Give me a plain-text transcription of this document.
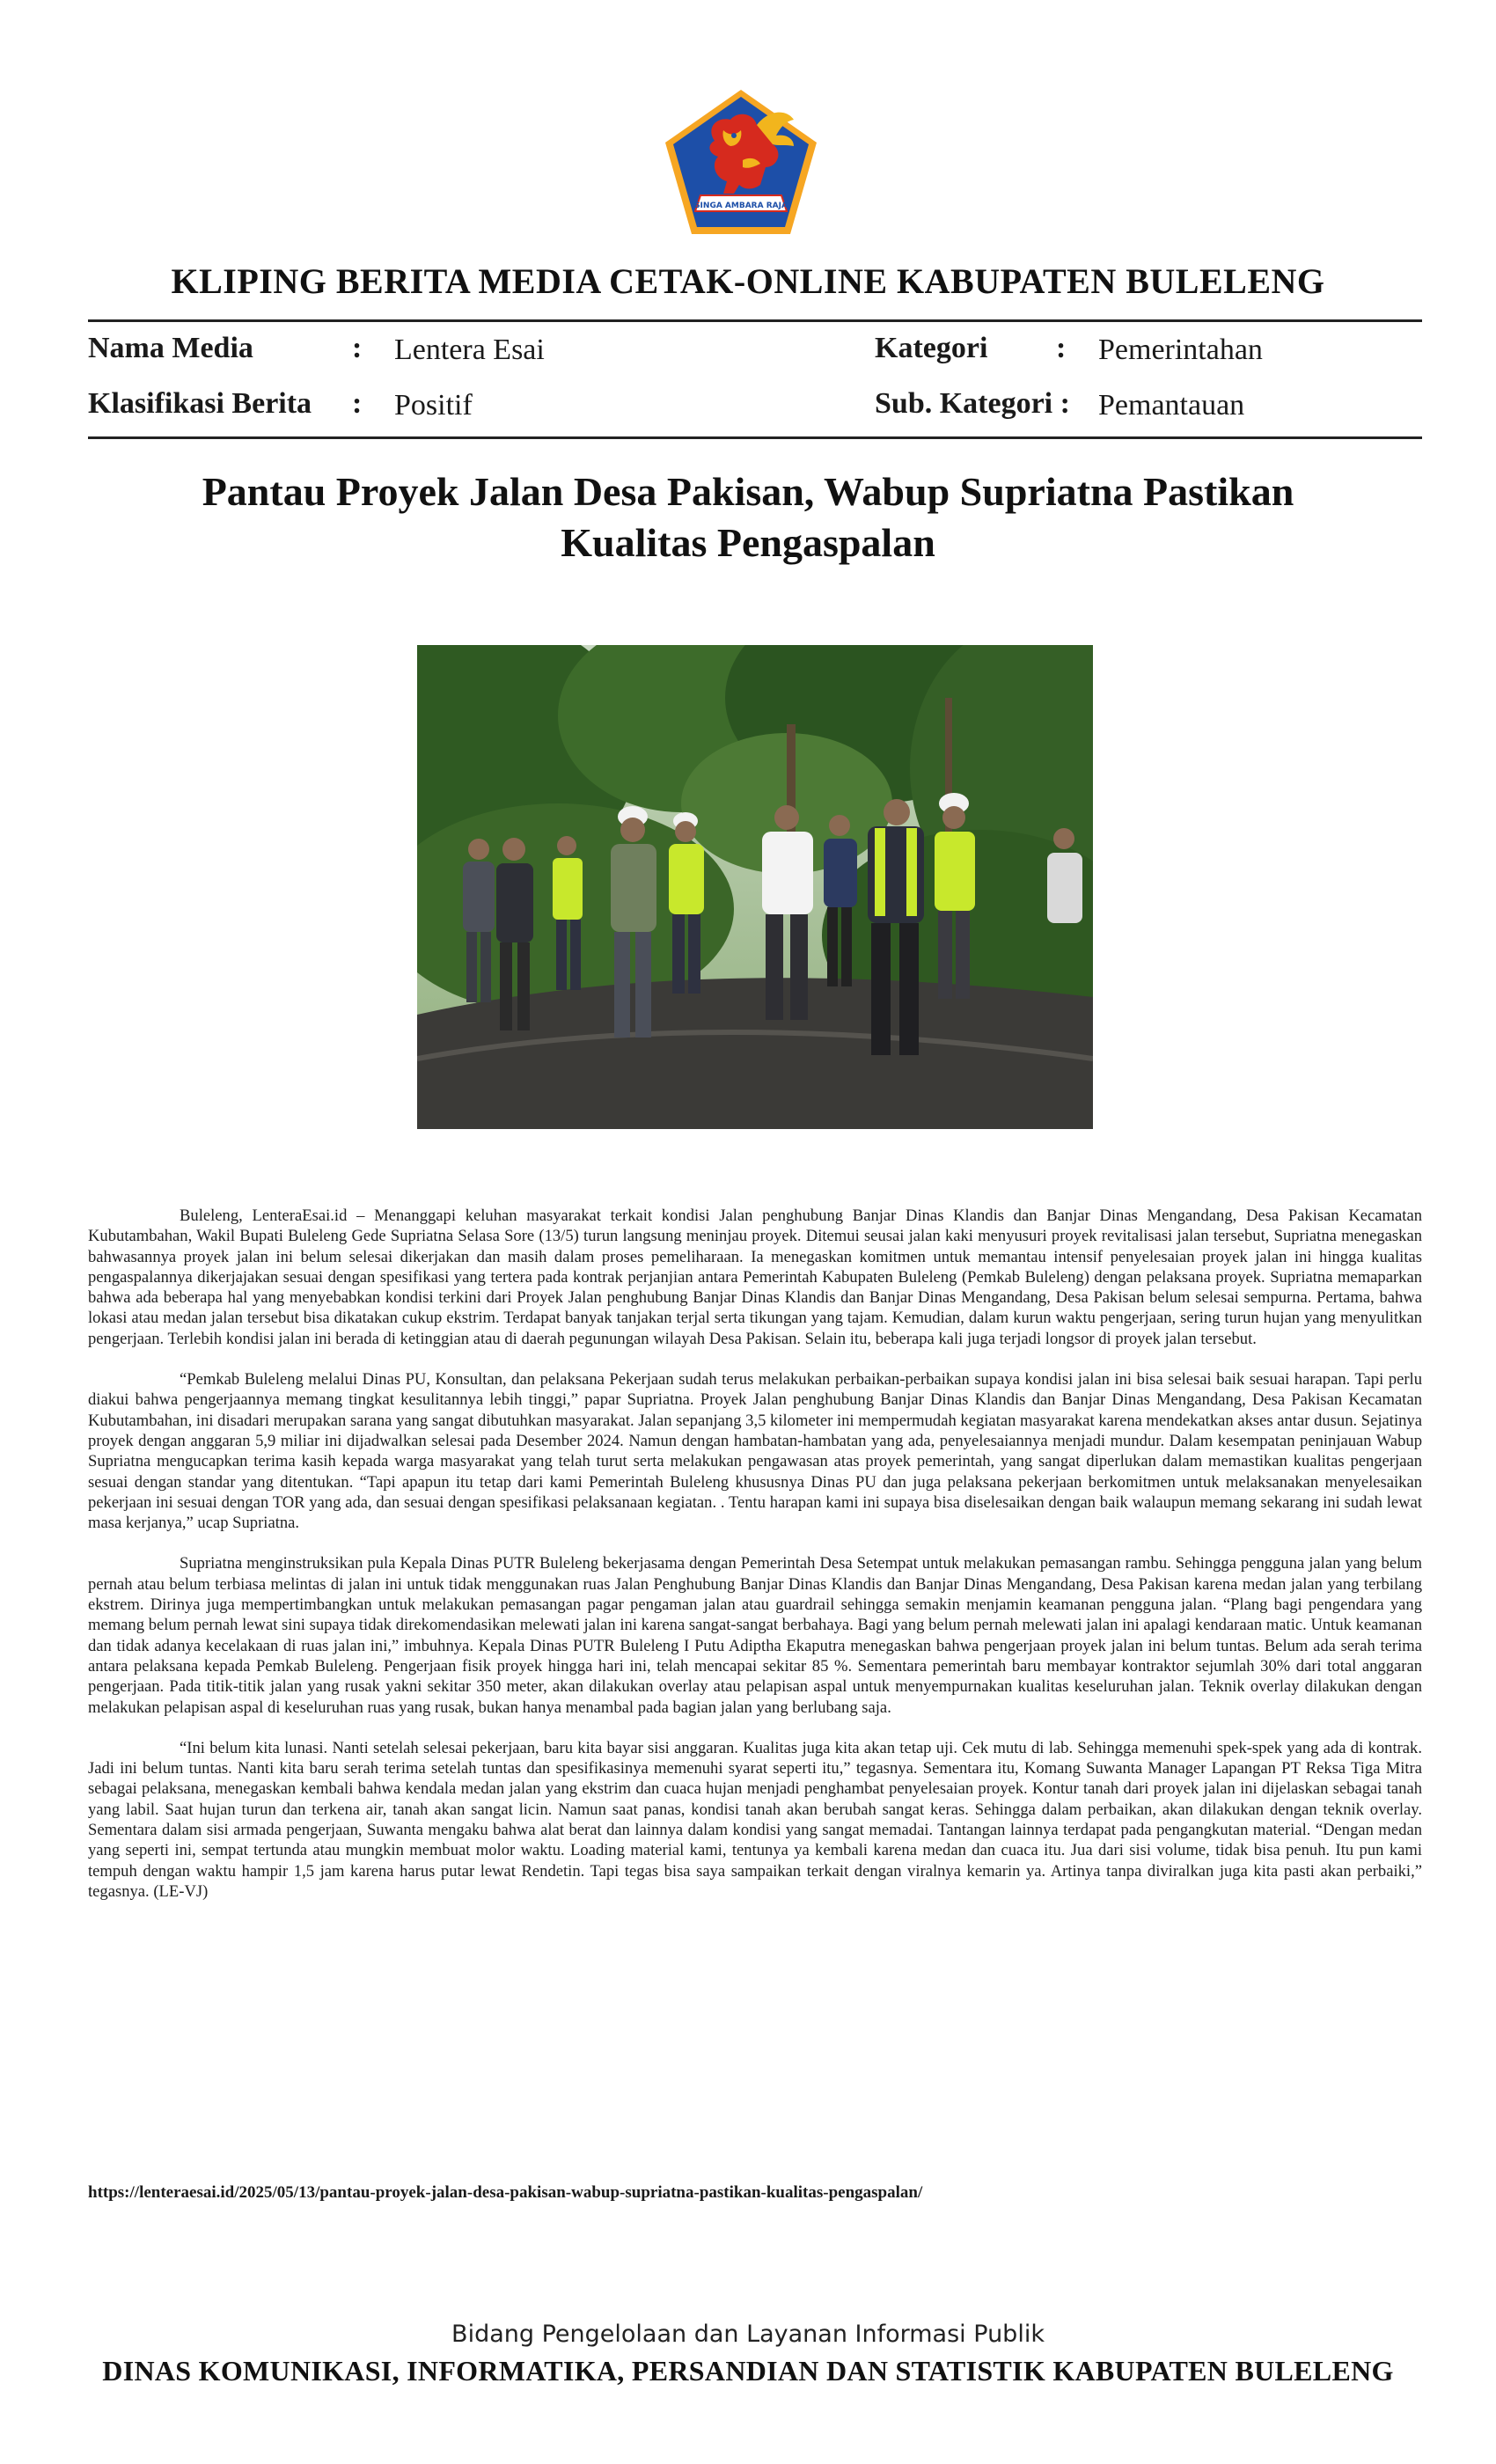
SINGA AMBARA RAJA
KLIPING BERITA MEDIA CETAK-ONLINE KABUPATEN BULELENG
Nama Media	: Lentera Esai
Klasifikasi Berita : Positif
Kategori : Pemerintahan
Sub. Kategori : Pemantauan
Pantau Proyek Jalan Desa Pakisan, Wabup Supriatna Pastikan Kualitas Pengaspalan

Buleleng, LenteraEsai.id – Menanggapi keluhan masyarakat terkait kondisi Jalan penghubung Banjar Dinas Klandis dan Banjar Dinas Mengandang, Desa Pakisan Kecamatan Kubutambahan, Wakil Bupati Buleleng Gede Supriatna Selasa Sore (13/5) turun langsung meninjau proyek. Ditemui seusai jalan kaki menyusuri proyek revitalisasi jalan tersebut, Supriatna menegaskan bahwasannya proyek jalan ini belum selesai dikerjakan dan masih dalam proses pemeliharaan. Ia menegaskan komitmen untuk memantau intensif penyelesaian proyek jalan ini hingga kualitas pengaspalannya dikerjajakan sesuai dengan spesifikasi yang tertera pada kontrak perjanjian antara Pemerintah Kabupaten Buleleng (Pemkab Buleleng) dengan pelaksana proyek. Supriatna memaparkan bahwa ada beberapa hal yang menyebabkan kondisi terkini dari Proyek Jalan penghubung Banjar Dinas Klandis dan Banjar Dinas Mengandang, Desa Pakisan belum selesai sempurna. Pertama, bahwa lokasi atau medan jalan tersebut bisa dikatakan cukup ekstrim. Terdapat banyak tanjakan terjal serta tikungan yang tajam. Kemudian, dalam kurun waktu pengerjaan, sering turun hujan yang menyulitkan pengerjaan. Terlebih kondisi jalan ini berada di ketinggian atau di daerah pegunungan wilayah Desa Pakisan. Selain itu, beberapa kali juga terjadi longsor di proyek jalan tersebut.

“Pemkab Buleleng melalui Dinas PU, Konsultan, dan pelaksana Pekerjaan sudah terus melakukan perbaikan-perbaikan supaya kondisi jalan ini bisa selesai baik sesuai harapan. Tapi perlu diakui bahwa pengerjaannya memang tingkat kesulitannya lebih tinggi,” papar Supriatna. Proyek Jalan penghubung Banjar Dinas Klandis dan Banjar Dinas Mengandang, Desa Pakisan Kecamatan Kubutambahan, ini disadari merupakan sarana yang sangat dibutuhkan masyarakat. Jalan sepanjang 3,5 kilometer ini mempermudah kegiatan masyarakat karena mendekatkan akses antar dusun. Sejatinya proyek dengan anggaran 5,9 miliar ini dijadwalkan selesai pada Desember 2024. Namun dengan hambatan-hambatan yang ada, penyelesaiannya menjadi mundur. Dalam kesempatan peninjauan Wabup Supriatna mengucapkan terima kasih kepada warga masyarakat yang telah turut serta melakukan pengawasan atas proyek pemerintah, yang sangat diperlukan dalam memastikan kualitas pengerjaan sesuai dengan standar yang ditentukan. “Tapi apapun itu tetap dari kami Pemerintah Buleleng khususnya Dinas PU dan juga pelaksana pekerjaan berkomitmen untuk melaksanakan menyelesaikan pekerjaan ini sesuai dengan TOR yang ada, dan sesuai dengan spesifikasi pelaksanaan kegiatan. . Tentu harapan kami ini supaya bisa diselesaikan dengan baik walaupun memang sekarang ini sudah lewat masa kerjanya,” ucap Supriatna.

Supriatna menginstruksikan pula Kepala Dinas PUTR Buleleng bekerjasama dengan Pemerintah Desa Setempat untuk melakukan pemasangan rambu. Sehingga pengguna jalan yang belum pernah atau belum terbiasa melintas di jalan ini untuk tidak menggunakan ruas Jalan Penghubung Banjar Dinas Klandis dan Banjar Dinas Mengandang, Desa Pakisan karena medan jalan yang terbilang ekstrem. Dirinya juga mempertimbangkan untuk melakukan pemasangan pagar pengaman jalan atau guardrail sehingga semakin menjamin keamanan pengguna jalan. “Plang bagi pengendara yang memang belum pernah lewat sini supaya tidak direkomendasikan melewati jalan ini karena sangat-sangat berbahaya. Bagi yang belum pernah melewati jalan ini apalagi kendaraan matic. Untuk keamanan dan tidak adanya kecelakaan di ruas jalan ini,” imbuhnya. Kepala Dinas PUTR Buleleng I Putu Adiptha Ekaputra menegaskan bahwa pengerjaan proyek jalan ini belum tuntas. Belum ada serah terima antara pelaksana kepada Pemkab Buleleng. Pengerjaan fisik proyek hingga hari ini, telah mencapai sekitar 85 %. Sementara pemerintah baru membayar kontraktor sejumlah 30% dari total anggaran pengerjaan. Pada titik-titik jalan yang rusak yakni sekitar 350 meter, akan dilakukan overlay atau pelapisan aspal untuk menyempurnakan kualitas keseluruhan jalan. Teknik overlay dilakukan dengan melakukan pelapisan aspal di keseluruhan ruas yang rusak, bukan hanya menambal pada bagian jalan yang berlubang saja.

“Ini belum kita lunasi. Nanti setelah selesai pekerjaan, baru kita bayar sisi anggaran. Kualitas juga kita akan tetap uji. Cek mutu di lab. Sehingga memenuhi spek-spek yang ada di kontrak. Jadi ini belum tuntas. Nanti kita baru serah terima setelah tuntas dan spesifikasinya memenuhi syarat seperti itu,” tegasnya. Sementara itu, Komang Suwanta Manager Lapangan PT Reksa Tiga Mitra sebagai pelaksana, menegaskan kembali bahwa kendala medan jalan yang ekstrim dan cuaca hujan menjadi penghambat penyelesaian proyek. Kontur tanah dari proyek jalan ini dijelaskan sebagai tanah yang labil. Saat hujan turun dan terkena air, tanah akan sangat licin. Namun saat panas, kondisi tanah akan berubah sangat keras. Sehingga dalam perbaikan, akan dilakukan dengan teknik overlay. Sementara dalam sisi armada pengerjaan, Suwanta mengaku bahwa alat berat dan lainnya dalam kondisi yang sangat memadai. Tantangan lainnya terdapat pada pengangkutan material. “Dengan medan yang seperti ini, sempat tertunda atau mungkin membuat molor waktu. Loading material kami, tentunya ya kembali karena medan dan cuaca itu. Jua dari sisi volume, tidak bisa penuh. Itu pun kami tempuh dengan waktu hampir 1,5 jam karena harus putar lewat Rendetin. Tapi tegas bisa saya sampaikan terkait dengan viralnya kemarin ya. Artinya tanpa diviralkan juga kita pasti akan perbaiki,” tegasnya. (LE-VJ)

https://lenteraesai.id/2025/05/13/pantau-proyek-jalan-desa-pakisan-wabup-supriatna-pastikan-kualitas-pengaspalan/
Bidang Pengelolaan dan Layanan Informasi Publik
DINAS KOMUNIKASI, INFORMATIKA, PERSANDIAN DAN STATISTIK KABUPATEN BULELENG
